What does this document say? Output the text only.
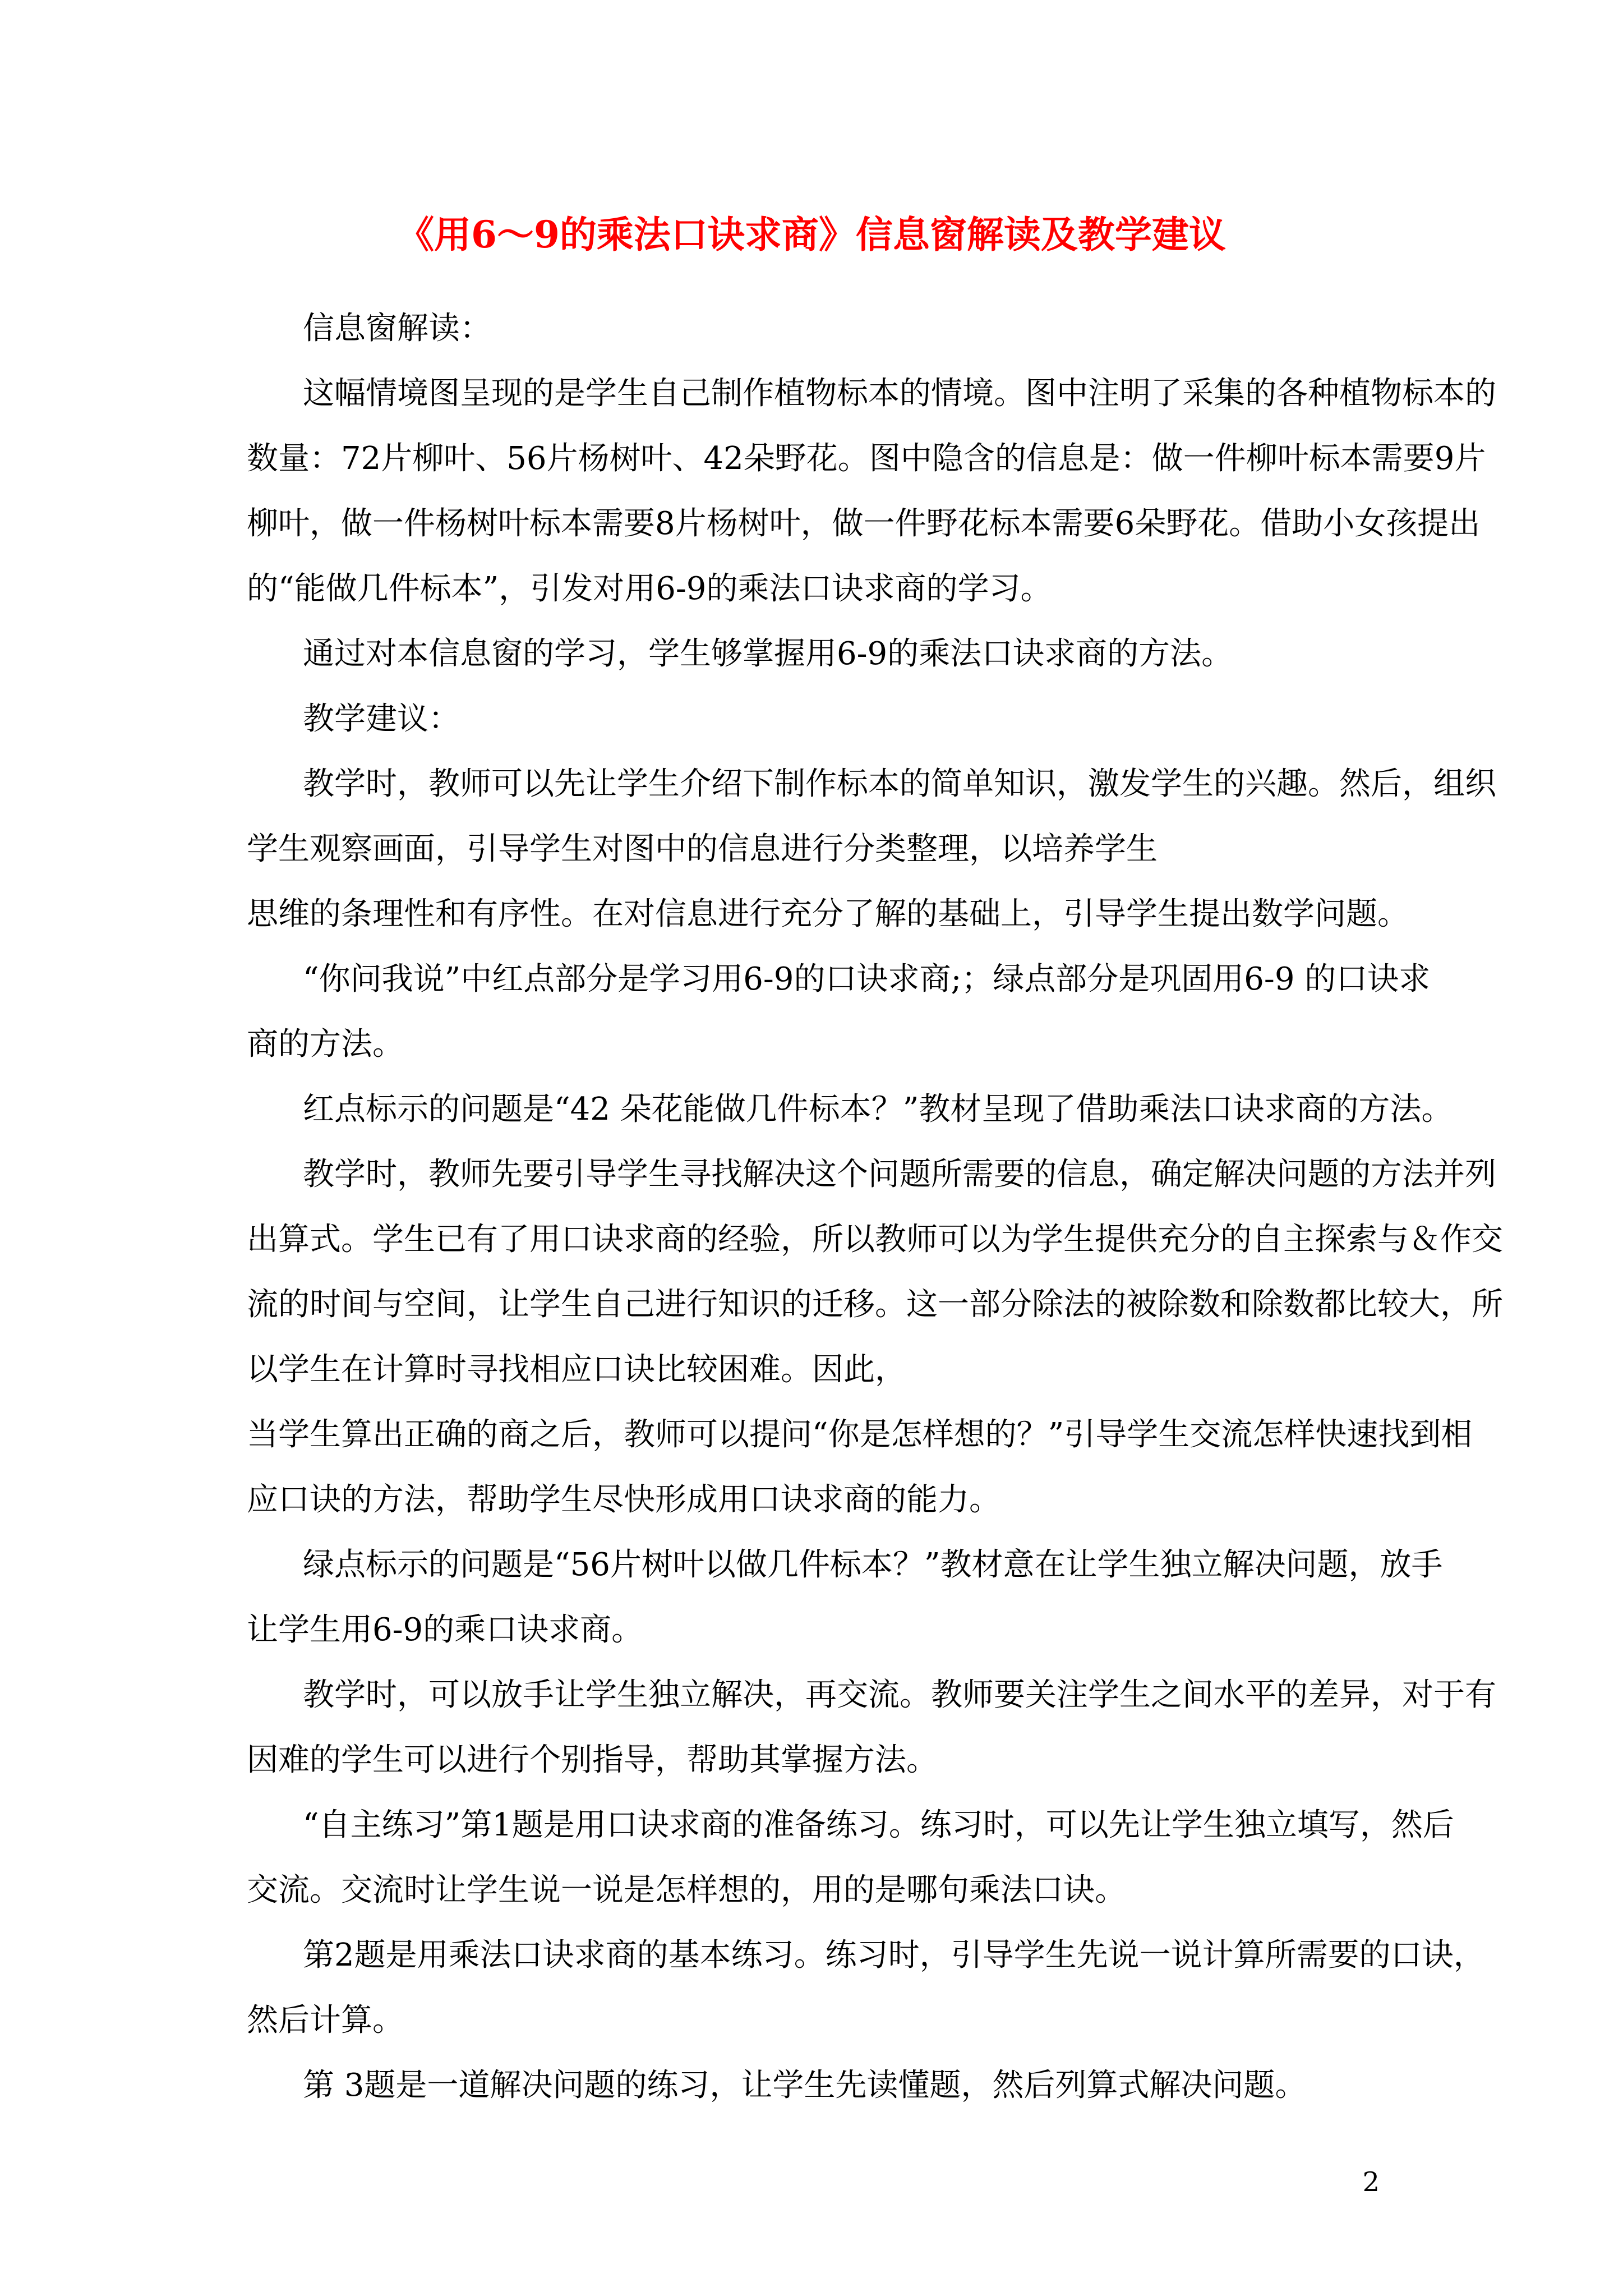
《用6～9的乘法口诀求商》信息窗解读及教学建议
信息窗解读：
这幅情境图呈现的是学生自己制作植物标本的情境。图中注明了采集的各种植物标本的
数量：72片柳叶、56片杨树叶、42朵野花。图中隐含的信息是：做一件柳叶标本需要9片
柳叶，做一件杨树叶标本需要8片杨树叶，做一件野花标本需要6朵野花。借助小女孩提出
的“能做几件标本”，引发对用6-9的乘法口诀求商的学习。
通过对本信息窗的学习，学生够掌握用6-9的乘法口诀求商的方法。
教学建议：
教学时，教师可以先让学生介绍下制作标本的简单知识，激发学生的兴趣。然后，组织
学生观察画面，引导学生对图中的信息进行分类整理，以培养学生
思维的条理性和有序性。在对信息进行充分了解的基础上，引导学生提出数学问题。
“你问我说”中红点部分是学习用6-9的口诀求商;；绿点部分是巩固用6-9 的口诀求
商的方法。
红点标示的问题是“42 朵花能做几件标本？”教材呈现了借助乘法口诀求商的方法。
教学时，教师先要引导学生寻找解决这个问题所需要的信息，确定解决问题的方法并列
出算式。学生已有了用口诀求商的经验，所以教师可以为学生提供充分的自主探索与＆作交
流的时间与空间，让学生自己进行知识的迁移。这一部分除法的被除数和除数都比较大，所
以学生在计算时寻找相应口诀比较困难。因此，
当学生算出正确的商之后，教师可以提问“你是怎样想的？”引导学生交流怎样快速找到相
应口诀的方法，帮助学生尽快形成用口诀求商的能力。
绿点标示的问题是“56片树叶以做几件标本？”教材意在让学生独立解决问题，放手
让学生用6-9的乘口诀求商。
教学时，可以放手让学生独立解决，再交流。教师要关注学生之间水平的差异，对于有
因难的学生可以进行个别指导，帮助其掌握方法。
“自主练习”第1题是用口诀求商的准备练习。练习时，可以先让学生独立填写，然后
交流。交流时让学生说一说是怎样想的，用的是哪句乘法口诀。
第2题是用乘法口诀求商的基本练习。练习时，引导学生先说一说计算所需要的口诀，
然后计算。
第 3题是一道解决问题的练习，让学生先读懂题，然后列算式解决问题。
2
